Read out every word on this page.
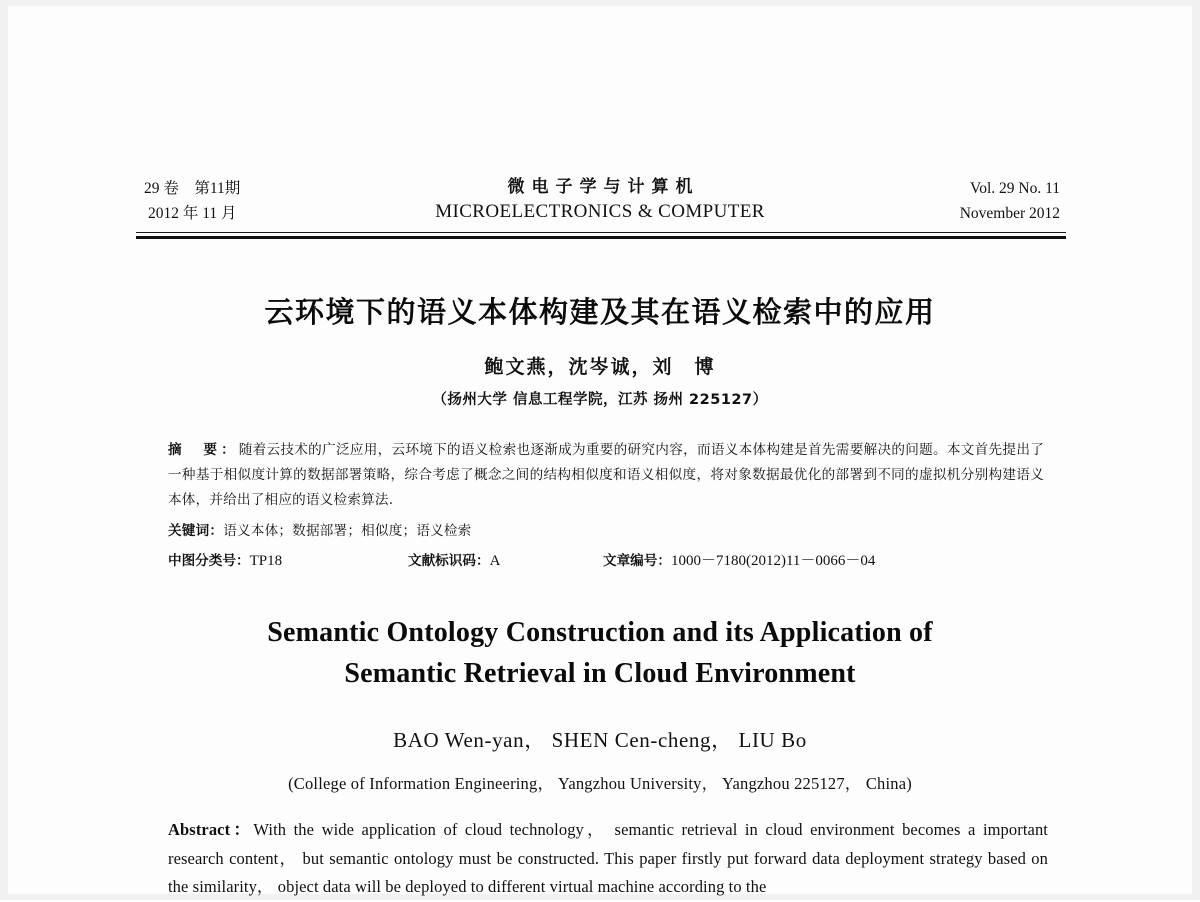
29 卷　第11期
2012 年 11 月
微电子学与计算机
MICROELECTRONICS & COMPUTER
Vol. 29 No. 11
November 2012
云环境下的语义本体构建及其在语义检索中的应用
鲍文燕，沈岑诚，刘　博
（扬州大学 信息工程学院，江苏 扬州 225127）
摘　要：随着云技术的广泛应用，云环境下的语义检索也逐渐成为重要的研究内容，而语义本体构建是首先需要解决的问题。本文首先提出了一种基于相似度计算的数据部署策略，综合考虑了概念之间的结构相似度和语义相似度，将对象数据最优化的部署到不同的虚拟机分别构建语义本体，并给出了相应的语义检索算法.
关键词：语义本体；数据部署；相似度；语义检索
中图分类号：TP18	文献标识码：A	文章编号：1000－7180(2012)11－0066－04
Semantic Ontology Construction and its Application of
Semantic Retrieval in Cloud Environment
BAO Wen-yan， SHEN Cen-cheng， LIU Bo
(College of Information Engineering， Yangzhou University， Yangzhou 225127， China)
Abstract：With the wide application of cloud technology， semantic retrieval in cloud environment becomes a important research content， but semantic ontology must be constructed. This paper firstly put forward data deployment strategy based on the similarity， object data will be deployed to different virtual machine according to the
